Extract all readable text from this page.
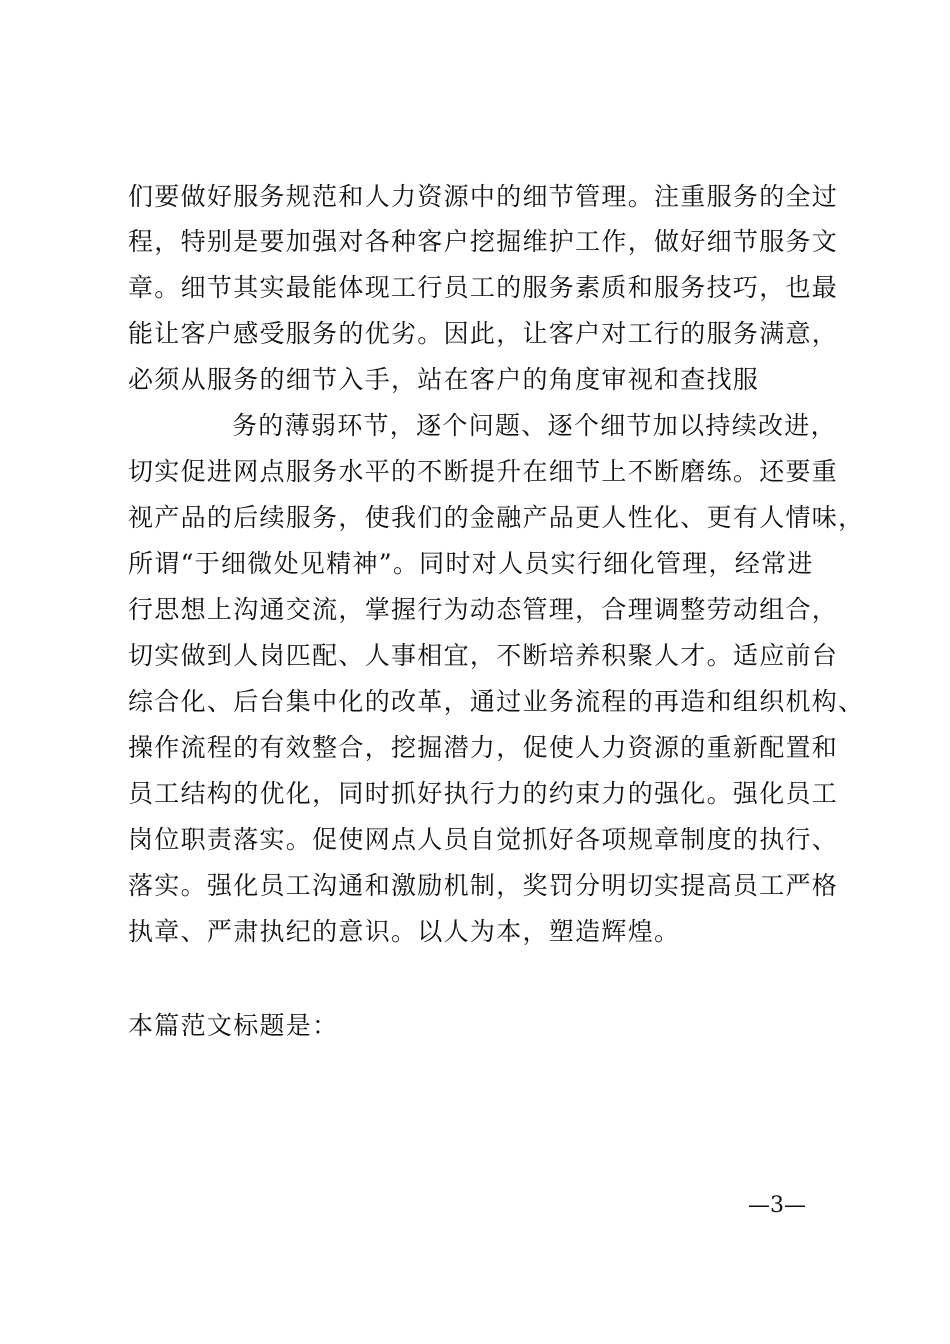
们要做好服务规范和人力资源中的细节管理。注重服务的全过
程，特别是要加强对各种客户挖掘维护工作，做好细节服务文
章。细节其实最能体现工行员工的服务素质和服务技巧，也最
能让客户感受服务的优劣。因此，让客户对工行的服务满意，
必须从服务的细节入手，站在客户的角度审视和查找服
务的薄弱环节，逐个问题、逐个细节加以持续改进，
切实促进网点服务水平的不断提升在细节上不断磨练。还要重
视产品的后续服务，使我们的金融产品更人性化、更有人情味，
所谓“于细微处见精神”。同时对人员实行细化管理，经常进
行思想上沟通交流，掌握行为动态管理，合理调整劳动组合，
切实做到人岗匹配、人事相宜，不断培养积聚人才。适应前台
综合化、后台集中化的改革，通过业务流程的再造和组织机构、
操作流程的有效整合，挖掘潜力，促使人力资源的重新配置和
员工结构的优化，同时抓好执行力的约束力的强化。强化员工
岗位职责落实。促使网点人员自觉抓好各项规章制度的执行、
落实。强化员工沟通和激励机制，奖罚分明切实提高员工严格
执章、严肃执纪的意识。以人为本，塑造辉煌。
本篇范文标题是：
—3—
